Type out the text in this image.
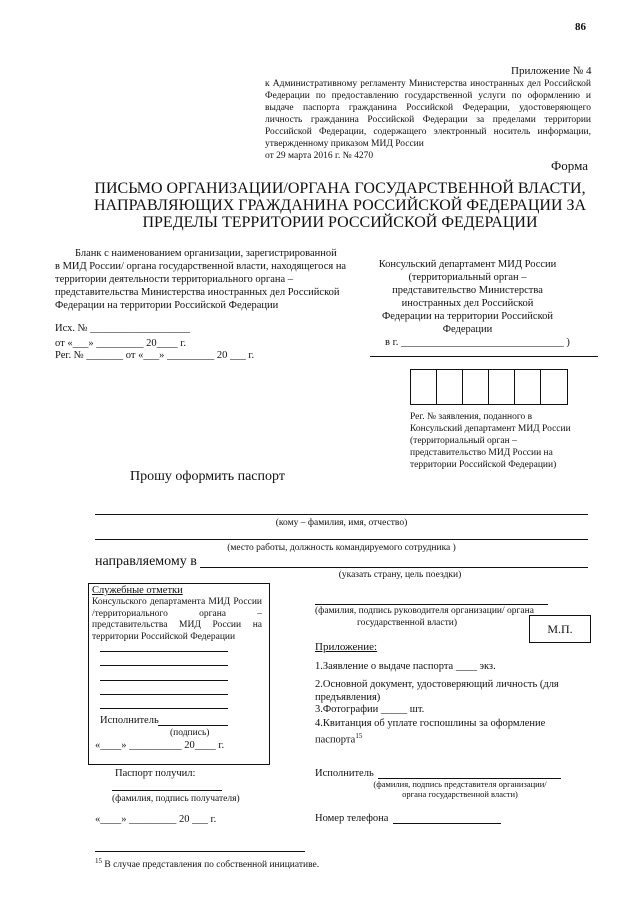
86
Приложение № 4
к Административному регламенту Министерства иностранных дел Российской Федерации по предоставлению государственной услуги по оформлению и выдаче паспорта гражданина Российской Федерации, удостоверяющего личность гражданина Российской Федерации за пределами территории Российской Федерации, содержащего электронный носитель информации, утвержденному приказом МИД России
от 29 марта 2016 г. № 4270
Форма
ПИСЬМО ОРГАНИЗАЦИИ/ОРГАНА ГОСУДАРСТВЕННОЙ ВЛАСТИ,
НАПРАВЛЯЮЩИХ ГРАЖДАНИНА РОССИЙСКОЙ ФЕДЕРАЦИИ ЗА
ПРЕДЕЛЫ ТЕРРИТОРИИ РОССИЙСКОЙ ФЕДЕРАЦИИ
Бланк с наименованием организации, зарегистрированной
в МИД России/ органа государственной власти, находящегося на
территории деятельности территориального органа –
представительства Министерства иностранных дел Российской
Федерации на территории Российской Федерации
Исх. № ___________________
от «___» _________ 20____ г.
Рег. № _______ от «___» _________ 20 ___ г.
Консульский департамент МИД России
(территориальный орган –
представительство Министерства
иностранных дел Российской
Федерации на территории Российской
Федерации
в г. _______________________________ )
Рег. № заявления, поданного в
Консульский департамент МИД России
(территориальный орган –
представительство МИД России на
территории Российской Федерации)
Прошу оформить паспорт
(кому – фамилия, имя, отчество)
(место работы, должность командируемого сотрудника )
направляемому в
(указать страну, цель поездки)
Служебные отметки
Консульского департамента МИД России /территориального органа – представительства МИД России на территории Российской Федерации
Исполнитель
(подпись)
«____» __________ 20____ г.
(фамилия, подпись руководителя организации/ органа
государственной власти)	М.П.
Приложение:
1.Заявление о выдаче паспорта ____ экз.
2.Основной документ, удостоверяющий личность (для
предъявления)
3.Фотографии _____ шт.
4.Квитанция об уплате госпошлины за оформление
паспорта$^{15}$
Паспорт получил:
(фамилия, подпись получателя)
«____» _________ 20 ___ г.
Исполнитель
(фамилия, подпись представителя организации/
органа государственной власти)
Номер телефона
$^{15}$ В случае представления по собственной инициативе.
